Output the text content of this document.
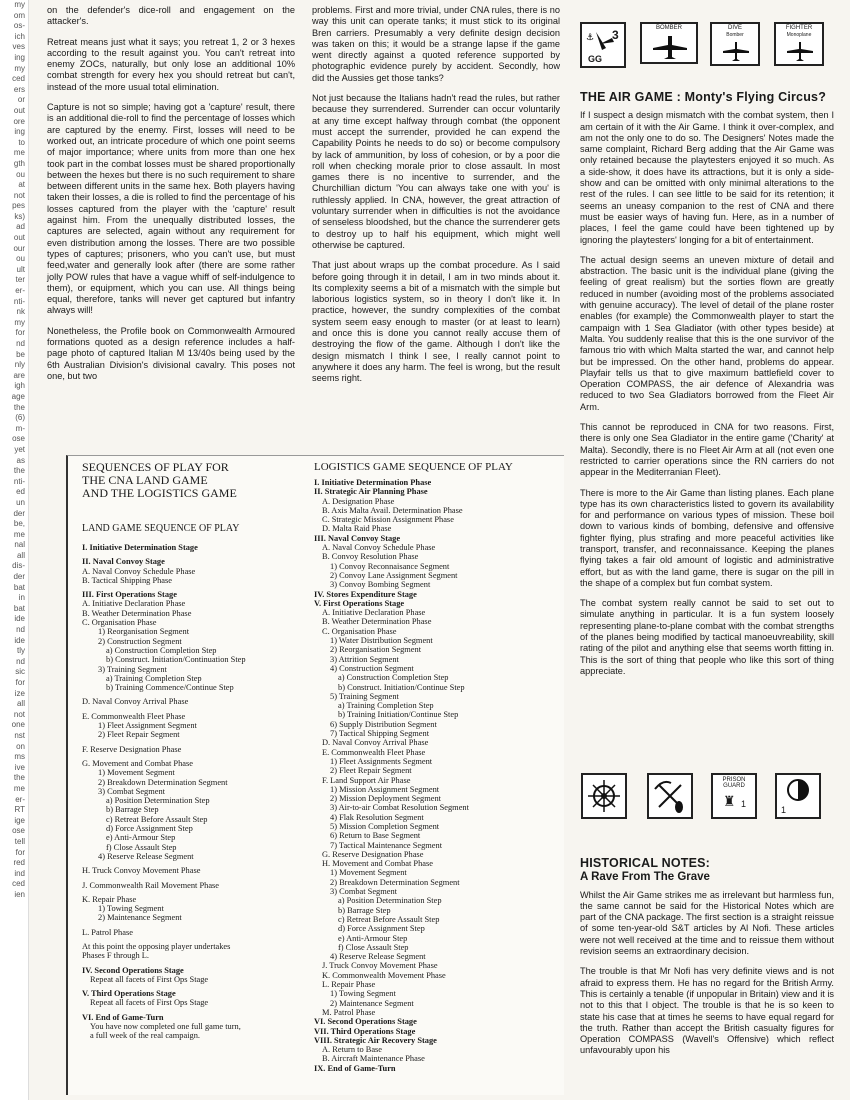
my
om
os-
ich
ves
ing
my
ced
ers
or
out
ore
ing
to
me
gth
ou
at
not
pes
ks)
ad
out
our
ou
ult
ter
er-
nti-
nk
my
for
nd
be
nly
are
igh
age
the
(6)
m-
ose
yet
as
the
nti-
ed
un
der
be,
me
nal
all
dis-
der
bat
in
bat
ide
nd
ide
tly
nd
sic
for
ize
all
not
one
nst
on
ms
ive
the
me
er-
RT
ige
ose
tell
for
red
ind
ced
ien

on the defender's dice-roll and engagement on the attacker's.

Retreat means just what it says; you retreat 1, 2 or 3 hexes according to the result against you. You can't retreat into enemy ZOCs, naturally, but only lose an additional 10% combat strength for every hex you should retreat but can't, instead of the more usual total elimination.

Capture is not so simple; having got a 'capture' result, there is an additional die-roll to find the percentage of losses which are captured by the enemy. First, losses will need to be worked out, an intricate procedure of which one point seems of major importance; where units from more than one hex took part in the combat losses must be shared proportionally between the hexes but there is no such requirement to share between different units in the same hex. Both players having taken their losses, a die is rolled to find the percentage of his losses captured from the player with the 'capture' result against him. From the unequally distributed losses, the captures are selected, again without any requirement for even distribution among the losses. There are two possible types of captures; prisoners, who you can't use, but must feed,water and generally look after (there are some rather jolly POW rules that have a vague whiff of self-indulgence to them), or equipment, which you can use. All things being equal, therefore, tanks will never get captured but infantry always will!

Nonetheless, the Profile book on Commonwealth Armoured formations quoted as a design reference includes a half-page photo of captured Italian M 13/40s being used by the 6th Australian Division's divisional cavalry. This poses not one, but two

problems. First and more trivial, under CNA rules, there is no way this unit can operate tanks; it must stick to its original Bren carriers. Presumably a very definite design decision was taken on this; it would be a strange lapse if the game went directly against a quoted reference supported by photographic evidence purely by accident. Secondly, how did the Aussies get those tanks?

Not just because the Italians hadn't read the rules, but rather because they surrendered. Surrender can occur voluntarily at any time except halfway through combat (the opponent must accept the surrender, provided he can expend the Capability Points he needs to do so) or become compulsory by lack of ammunition, by loss of cohesion, or by a poor die roll when checking morale prior to close assault. In most games there is no incentive to surrender, and the Churchillian dictum 'You can always take one with you' is ruthlessly applied. In CNA, however, the great attraction of voluntary surrender when in difficulties is not the avoidance of senseless bloodshed, but the chance the surrenderer gets to destroy up to half his equipment, which might well otherwise be captured.

That just about wraps up the combat procedure. As I said before going through it in detail, I am in two minds about it. Its complexity seems a bit of a mismatch with the simple but laborious logistics system, so in theory I don't like it. In practice, however, the sundry complexities of the combat system seem easy enough to master (or at least to learn) and once this is done you cannot really accuse them of destroying the flow of the game. Although I don't like the design mismatch I think I see, I really cannot point to anywhere it does any harm. The feel is wrong, but the result seems right.

⚓ 3
GG
BOMBER	DIVE
Bomber
FIGHTER
Monoplane
THE AIR GAME : Monty's Flying Circus?

If I suspect a design mismatch with the combat system, then I am certain of it with the Air Game. I think it over-complex, and am not the only one to do so. The Designers' Notes made the same complaint, Richard Berg adding that the Air Game was only retained because the playtesters enjoyed it so much. As a side-show, it does have its attractions, but it is only a side-show and can be omitted with only minimal alterations to the rest of the rules. I can see little to be said for its retention; it seems an uneasy companion to the rest of CNA and there must be easier ways of having fun. Here, as in a number of places, I feel the game could have been tightened up by ignoring the playtesters' longing for a bit of entertainment.

The actual design seems an uneven mixture of detail and abstraction. The basic unit is the individual plane (giving the feeling of great realism) but the sorties flown are greatly reduced in number (avoiding most of the problems associated with genuine accuracy). The level of detail of the plane roster enables (for example) the Commonwealth player to start the campaign with 1 Sea Gladiator (with other types beside) at Malta. You suddenly realise that this is the one survivor of the famous trio with which Malta started the war, and cannot help but be impressed. On the other hand, problems do appear. Playfair tells us that to give maximum battlefield cover to Operation COMPASS, the air defence of Alexandria was reduced to two Sea Gladiators borrowed from the Fleet Air Arm.

This cannot be reproduced in CNA for two reasons. First, there is only one Sea Gladiator in the entire game ('Charity' at Malta). Secondly, there is no Fleet Air Arm at all (not even one restricted to carrier operations since the RN carriers do not appear in the Mediterranian Fleet).

There is more to the Air Game than listing planes. Each plane type has its own characteristics listed to govern its availability for and performance on various types of mission. These boil down to various kinds of bombing, defensive and offensive fighter flying, plus strafing and more peaceful activities like transport, transfer, and reconnaissance. Keeping the planes flying takes a fair old amount of logistic and administrative effort, but as with the land game, there is sugar on the pill in the shape of a complex but fun combat system.

The combat system really cannot be said to set out to simulate anything in particular. It is a fun system loosely representing plane-to-plane combat with the combat strengths of the planes being modified by tactical manoeuvreability, skill rating of the pilot and anything else that seems worth fitting in. This is the sort of thing that people who like this sort of thing appreciate.

PRISON
GUARD
♜ 1
1
HISTORICAL NOTES:
A Rave From The Grave

Whilst the Air Game strikes me as irrelevant but harmless fun, the same cannot be said for the Historical Notes which are part of the CNA package. The first section is a straight reissue of some ten-year-old S&T articles by Al Nofi. These articles were not well received at the time and to reissue them without revision seems an extraordinary decision.

The trouble is that Mr Nofi has very definite views and is not afraid to express them. He has no regard for the British Army. This is certainly a tenable (if unpopular in Britain) view and it is not to this that I object. The trouble is that he is so keen to state his case that at times he seems to have equal regard for the truth. Rather than accept the British casualty figures for Operation COMPASS (Wavell's Offensive) which reflect unfavourably upon his

SEQUENCES OF PLAY FOR
THE CNA LAND GAME
AND THE LOGISTICS GAME
LAND GAME SEQUENCE OF PLAY
I. Initiative Determination Stage
II. Naval Convoy Stage
A. Naval Convoy Schedule Phase
B. Tactical Shipping Phase
III. First Operations Stage
A. Initiative Declaration Phase
B. Weather Determination Phase
C. Organisation Phase
1) Reorganisation Segment
2) Construction Segment
a) Construction Completion Step
b) Construct. Initiation/Continuation Step
3) Training Segment
a) Training Completion Step
b) Training Commence/Continue Step
D. Naval Convoy Arrival Phase
E. Commonwealth Fleet Phase
1) Fleet Assignment Segment
2) Fleet Repair Segment
F. Reserve Designation Phase
G. Movement and Combat Phase
1) Movement Segment
2) Breakdown Determination Segment
3) Combat Segment
a) Position Determination Step
b) Barrage Step
c) Retreat Before Assault Step
d) Force Assignment Step
e) Anti-Armour Step
f) Close Assault Step
4) Reserve Release Segment
H. Truck Convoy Movement Phase
J. Commonwealth Rail Movement Phase
K. Repair Phase
1) Towing Segment
2) Maintenance Segment
L. Patrol Phase
At this point the opposing player undertakes
Phases F through L.
IV. Second Operations Stage
Repeat all facets of First Ops Stage
V. Third Operations Stage
Repeat all facets of First Ops Stage
VI. End of Game-Turn
You have now completed one full game turn,
a full week of the real campaign.
LOGISTICS GAME SEQUENCE OF PLAY
I. Initiative Determination Phase
II. Strategic Air Planning Phase
A. Designation Phase
B. Axis Malta Avail. Determination Phase
C. Strategic Mission Assignment Phase
D. Malta Raid Phase
III. Naval Convoy Stage
A. Naval Convoy Schedule Phase
B. Convoy Resolution Phase
1) Convoy Reconnaisance Segment
2) Convoy Lane Assignment Segment
3) Convoy Bombing Segment
IV. Stores Expenditure Stage
V. First Operations Stage
A. Initiative Declaration Phase
B. Weather Determination Phase
C. Organisation Phase
1) Water Distribution Segment
2) Reorganisation Segment
3) Attrition Segment
4) Construction Segment
a) Construction Completion Step
b) Construct. Initiation/Continue Step
5) Training Segment
a) Training Completion Step
b) Training Initiation/Continue Step
6) Supply Distribution Segment
7) Tactical Shipping Segment
D. Naval Convoy Arrival Phase
E. Commonwealth Fleet Phase
1) Fleet Assignments Segment
2) Fleet Repair Segment
F. Land Support Air Phase
1) Mission Assignment Segment
2) Mission Deployment Segment
3) Air-to-air Combat Resolution Segment
4) Flak Resolution Segment
5) Mission Completion Segment
6) Return to Base Segment
7) Tactical Maintenance Segment
G. Reserve Designation Phase
H. Movement and Combat Phase
1) Movement Segment
2) Breakdown Determination Segment
3) Combat Segment
a) Position Determination Step
b) Barrage Step
c) Retreat Before Assault Step
d) Force Assignment Step
e) Anti-Armour Step
f) Close Assault Step
4) Reserve Release Segment
J. Truck Convoy Movement Phase
K. Commonwealth Movement Phase
L. Repair Phase
1) Towing Segment
2) Maintenance Segment
M. Patrol Phase
VI. Second Operations Stage
VII. Third Operations Stage
VIII. Strategic Air Recovery Stage
A. Return to Base
B. Aircraft Maintenance Phase
IX. End of Game-Turn
